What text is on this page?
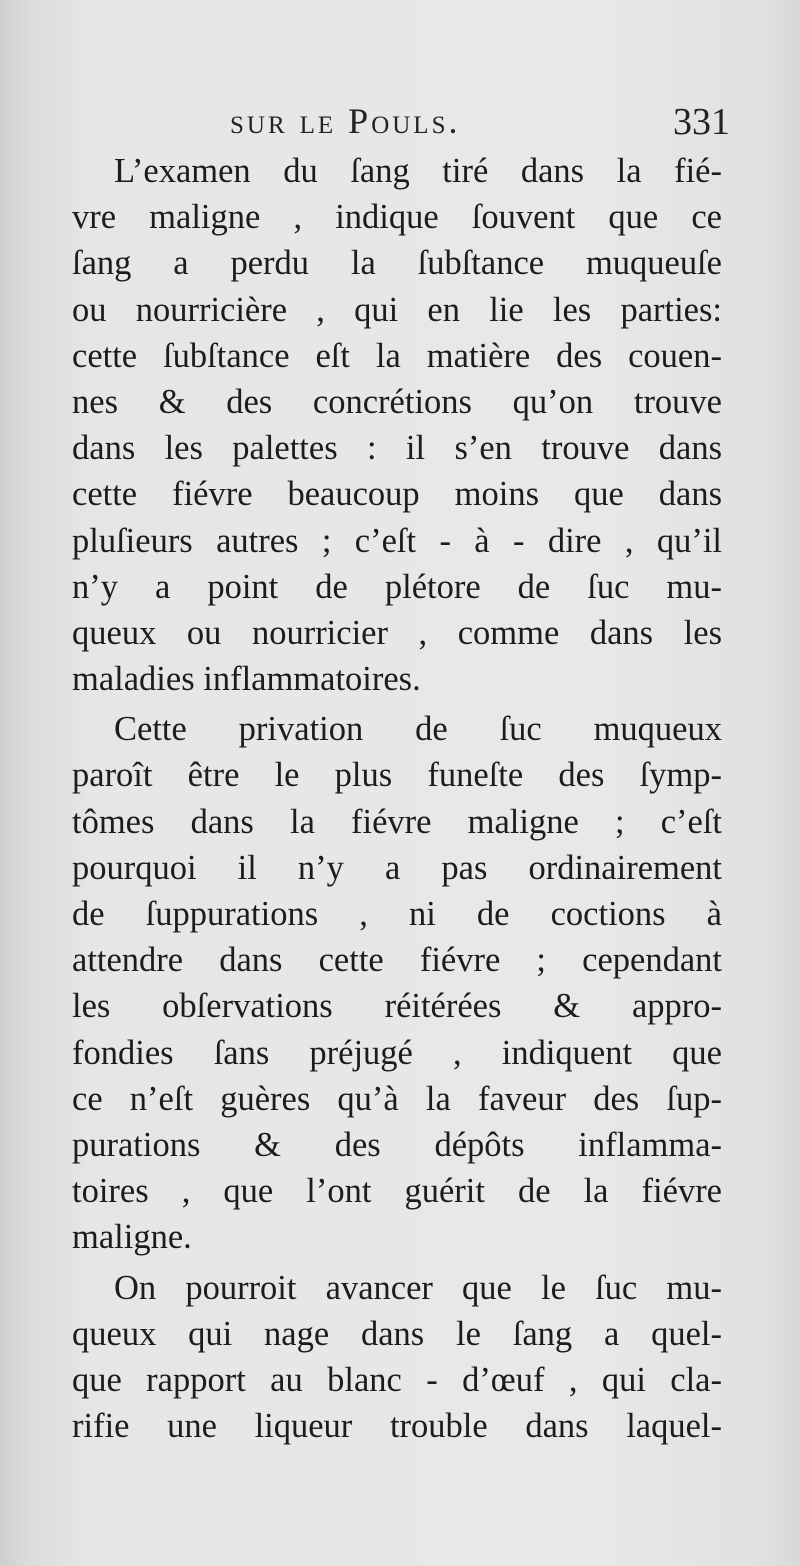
sur le Pouls.	331
L’examen du ſang tiré dans la fié-
vre maligne , indique ſouvent que ce
ſang a perdu la ſubſtance muqueuſe
ou nourricière , qui en lie les parties:
cette ſubſtance eſt la matière des couen-
nes & des concrétions qu’on trouve
dans les palettes : il s’en trouve dans
cette fiévre beaucoup moins que dans
pluſieurs autres ; c’eſt - à - dire , qu’il
n’y a point de plétore de ſuc mu-
queux ou nourricier , comme dans les
maladies inflammatoires.
Cette privation de ſuc muqueux
paroît être le plus funeſte des ſymp-
tômes dans la fiévre maligne ; c’eſt
pourquoi il n’y a pas ordinairement
de ſuppurations , ni de coctions à
attendre dans cette fiévre ; cependant
les obſervations réitérées & appro-
fondies ſans préjugé , indiquent que
ce n’eſt guères qu’à la faveur des ſup-
purations & des dépôts inflamma-
toires , que l’ont guérit de la fiévre
maligne.
On pourroit avancer que le ſuc mu-
queux qui nage dans le ſang a quel-
que rapport au blanc - d’œuf , qui cla-
rifie une liqueur trouble dans laquel-
